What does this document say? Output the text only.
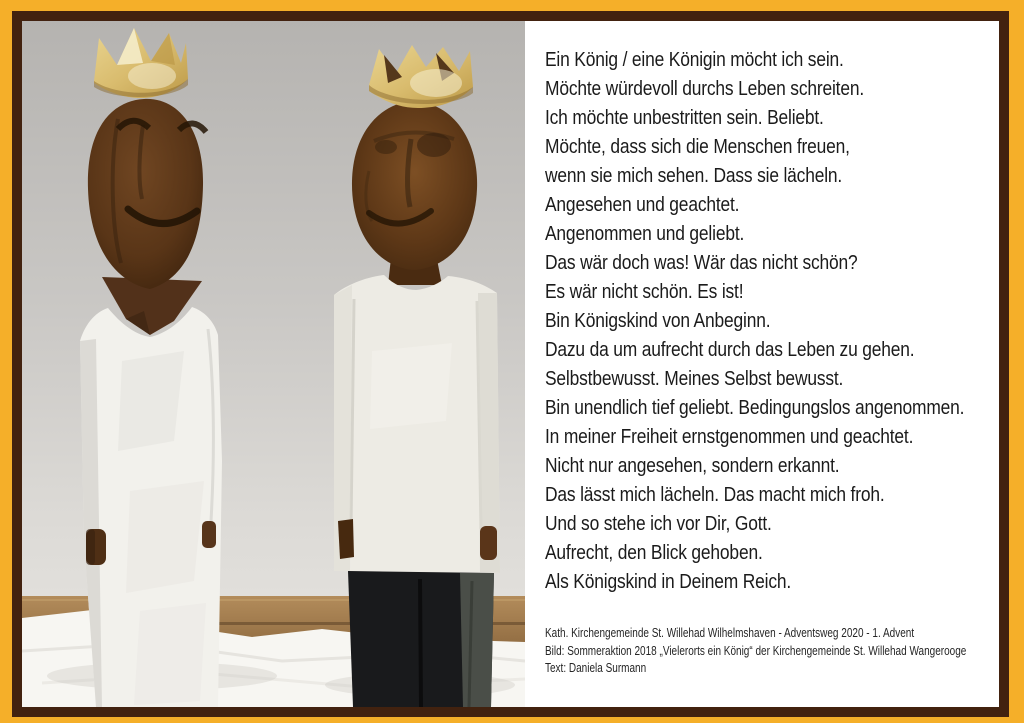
Ein König / eine Königin möcht ich sein.
Möchte würdevoll durchs Leben schreiten.
Ich möchte unbestritten sein. Beliebt.
Möchte, dass sich die Menschen freuen,
wenn sie mich sehen. Dass sie lächeln.
Angesehen und geachtet.
Angenommen und geliebt.
Das wär doch was! Wär das nicht schön?
Es wär nicht schön. Es ist!
Bin Königskind von Anbeginn.
Dazu da um aufrecht durch das Leben zu gehen.
Selbstbewusst. Meines Selbst bewusst.
Bin unendlich tief geliebt. Bedingungslos angenommen.
In meiner Freiheit ernstgenommen und geachtet.
Nicht nur angesehen, sondern erkannt.
Das lässt mich lächeln. Das macht mich froh.
Und so stehe ich vor Dir, Gott.
Aufrecht, den Blick gehoben.
Als Königskind in Deinem Reich.
Kath. Kirchengemeinde St. Willehad Wilhelmshaven - Adventsweg 2020 - 1. Advent
Bild: Sommeraktion 2018 „Vielerorts ein König“ der Kirchengemeinde St. Willehad Wangerooge
Text: Daniela Surmann
